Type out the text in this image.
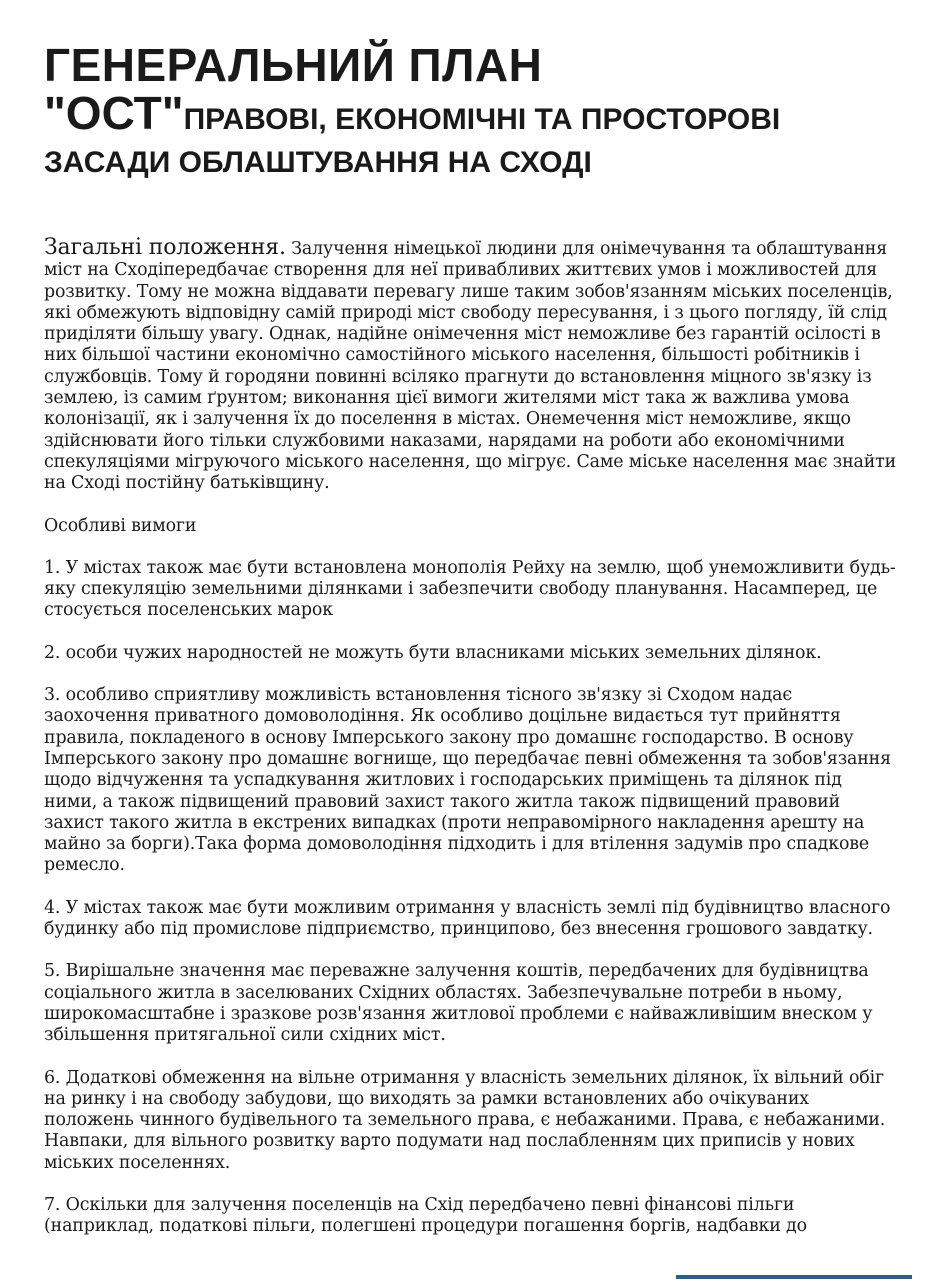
ГЕНЕРАЛЬНИЙ ПЛАН
"ОСТ"ПРАВОВІ, ЕКОНОМІЧНІ ТА ПРОСТОРОВІ
ЗАСАДИ ОБЛАШТУВАННЯ НА СХОДІ

Загальні положення. Залучення німецької людини для онімечування та облаштування міст на Сходіпередбачає створення для неї привабливих життєвих умов і можливостей для розвитку. Тому не можна віддавати перевагу лише таким зобов'язанням міських поселенців, які обмежують відповідну самій природі міст свободу пересування, і з цього погляду, їй слід приділяти більшу увагу. Однак, надійне онімечення міст неможливе без гарантій осілості в них більшої частини економічно самостійного міського населення, більшості робітників і службовців. Тому й городяни повинні всіляко прагнути до встановлення міцного зв'язку із землею, із самим ґрунтом; виконання цієї вимоги жителями міст така ж важлива умова колонізації, як і залучення їх до поселення в містах. Онемечення міст неможливе, якщо здійснювати його тільки службовими наказами, нарядами на роботи або економічними спекуляціями мігруючого міського населення, що мігрує. Саме міське населення має знайти на Сході постійну батьківщину.

Особливі вимоги

1. У містах також має бути встановлена монополія Рейху на землю, щоб унеможливити будь-яку спекуляцію земельними ділянками і забезпечити свободу планування. Насамперед, це стосується поселенських марок

2. особи чужих народностей не можуть бути власниками міських земельних ділянок.

3. особливо сприятливу можливість встановлення тісного зв'язку зі Сходом надає заохочення приватного домоволодіння. Як особливо доцільне видається тут прийняття правила, покладеного в основу Імперського закону про домашнє господарство. В основу Імперського закону про домашнє вогнище, що передбачає певні обмеження та зобов'язання щодо відчуження та успадкування житлових і господарських приміщень та ділянок під ними, а також підвищений правовий захист такого житла також підвищений правовий захист такого житла в екстрених випадках (проти неправомірного накладення арешту на майно за борги).Така форма домоволодіння підходить і для втілення задумів про спадкове ремесло.

4. У містах також має бути можливим отримання у власність землі під будівництво власного будинку або під промислове підприємство, принципово, без внесення грошового завдатку.

5. Вирішальне значення має переважне залучення коштів, передбачених для будівництва соціального житла в заселюваних Східних областях. Забезпечувальне потреби в ньому, широкомасштабне і зразкове розв'язання житлової проблеми є найважливішим внеском у збільшення притягальної сили східних міст.

6. Додаткові обмеження на вільне отримання у власність земельних ділянок, їх вільний обіг на ринку і на свободу забудови, що виходять за рамки встановлених або очікуваних положень чинного будівельного та земельного права, є небажаними. Права, є небажаними. Навпаки, для вільного розвитку варто подумати над послабленням цих приписів у нових міських поселеннях.

7. Оскільки для залучення поселенців на Схід передбачено певні фінансові пільги (наприклад, податкові пільги, полегшені процедури погашення боргів, надбавки до
